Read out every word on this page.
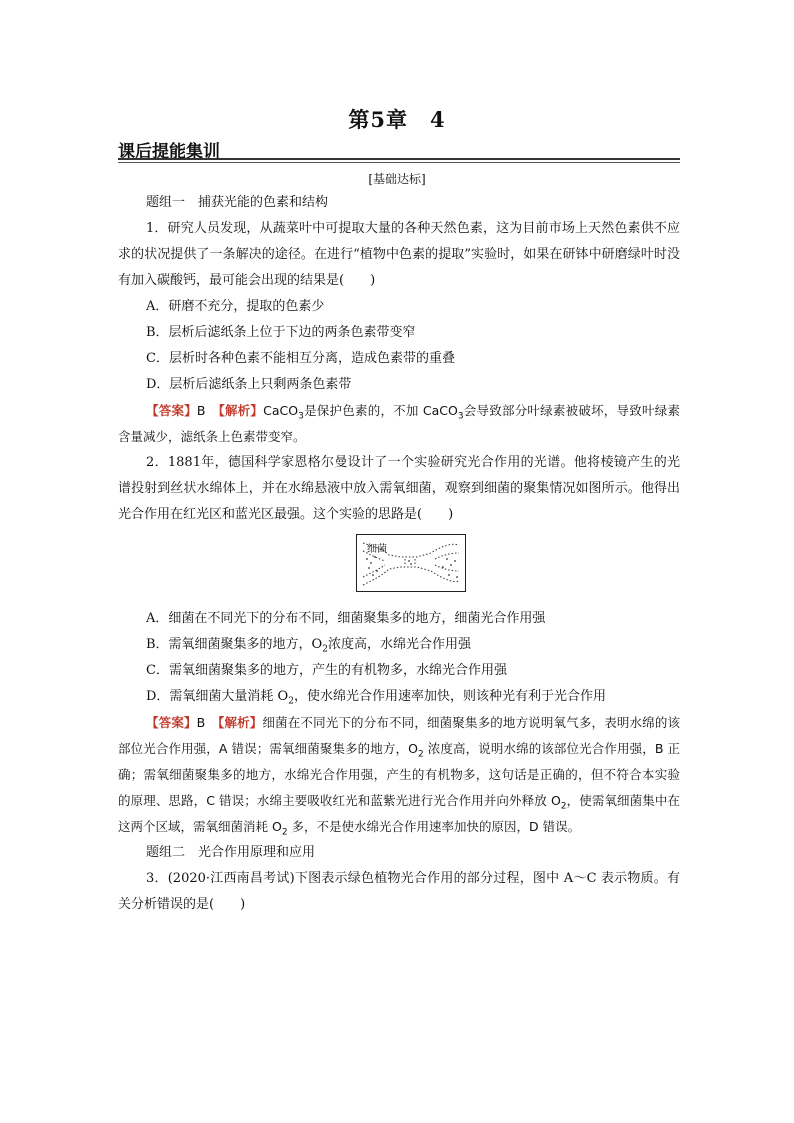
第5章　4
课后提能集训
[基础达标]
题组一　捕获光能的色素和结构
1．研究人员发现，从蔬菜叶中可提取大量的各种天然色素，这为目前市场上天然色素供不应求的状况提供了一条解决的途径。在进行“植物中色素的提取”实验时，如果在研钵中研磨绿叶时没有加入碳酸钙，最可能会出现的结果是(　　)
A．研磨不充分，提取的色素少
B．层析后滤纸条上位于下边的两条色素带变窄
C．层析时各种色素不能相互分离，造成色素带的重叠
D．层析后滤纸条上只剩两条色素带
【答案】B　 【解析】CaCO$_3$是保护色素的，不加 CaCO$_3$会导致部分叶绿素被破坏，导致叶绿素含量减少，滤纸条上色素带变窄。
2．1881年，德国科学家恩格尔曼设计了一个实验研究光合作用的光谱。他将棱镜产生的光谱投射到丝状水绵体上，并在水绵悬液中放入需氧细菌，观察到细菌的聚集情况如图所示。他得出光合作用在红光区和蓝光区最强。这个实验的思路是(　　)
细菌
A．细菌在不同光下的分布不同，细菌聚集多的地方，细菌光合作用强
B．需氧细菌聚集多的地方，$O_2$浓度高，水绵光合作用强
C．需氧细菌聚集多的地方，产生的有机物多，水绵光合作用强
D．需氧细菌大量消耗 $O_2$，使水绵光合作用速率加快，则该种光有利于光合作用
【答案】B　 【解析】细菌在不同光下的分布不同，细菌聚集多的地方说明氧气多，表明水绵的该部位光合作用强，A 错误；需氧细菌聚集多的地方，$O_2$ 浓度高，说明水绵的该部位光合作用强，B 正确；需氧细菌聚集多的地方，水绵光合作用强，产生的有机物多，这句话是正确的，但不符合本实验的原理、思路，C 错误；水绵主要吸收红光和蓝紫光进行光合作用并向外释放 $O_2$，使需氧细菌集中在这两个区域，需氧细菌消耗 $O_2$ 多，不是使水绵光合作用速率加快的原因，D 错误。
题组二　光合作用原理和应用
3．(2020·江西南昌考试)下图表示绿色植物光合作用的部分过程，图中 A～C 表示物质。有关分析错误的是(　　)
